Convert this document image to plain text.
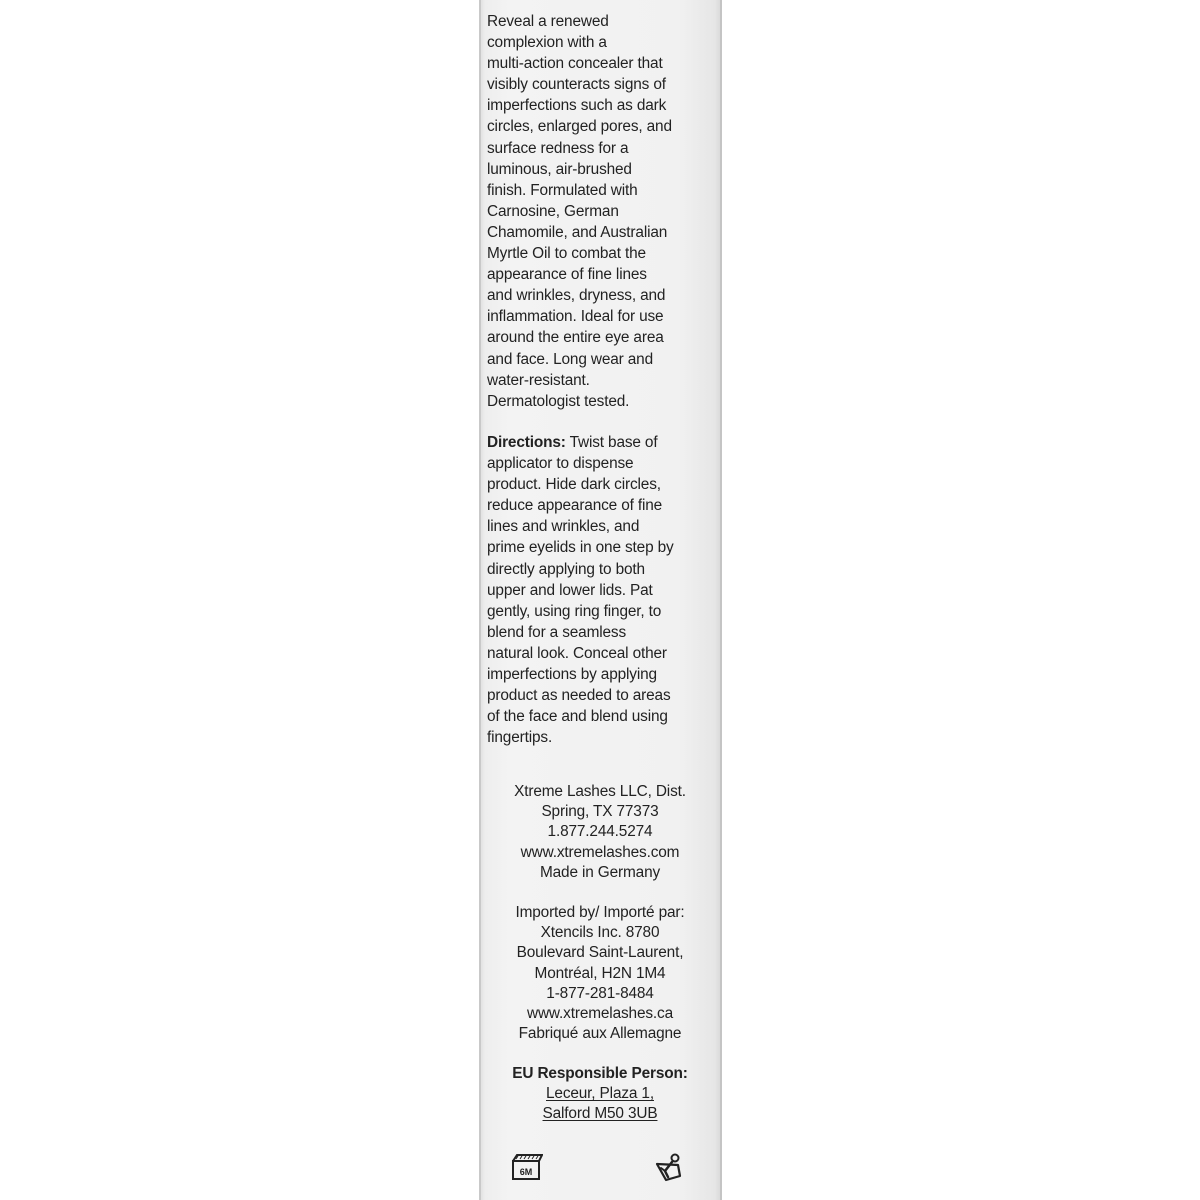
Reveal a renewed
complexion with a
multi-action concealer that
visibly counteracts signs of
imperfections such as dark
circles, enlarged pores, and
surface redness for a
luminous, air-brushed
finish. Formulated with
Carnosine, German
Chamomile, and Australian
Myrtle Oil to combat the
appearance of fine lines
and wrinkles, dryness, and
inflammation. Ideal for use
around the entire eye area
and face. Long wear and
water-resistant.
Dermatologist tested.
Directions: Twist base of
applicator to dispense
product. Hide dark circles,
reduce appearance of fine
lines and wrinkles, and
prime eyelids in one step by
directly applying to both
upper and lower lids. Pat
gently, using ring finger, to
blend for a seamless
natural look. Conceal other
imperfections by applying
product as needed to areas
of the face and blend using
fingertips.
Xtreme Lashes LLC, Dist.
Spring, TX 77373
1.877.244.5274
www.xtremelashes.com
Made in Germany
Imported by/ Importé par:
Xtencils Inc. 8780
Boulevard Saint-Laurent,
Montréal, H2N 1M4
1-877-281-8484
www.xtremelashes.ca
Fabriqué aux Allemagne
EU Responsible Person:
Leceur, Plaza 1,
Salford M50 3UB
6M
